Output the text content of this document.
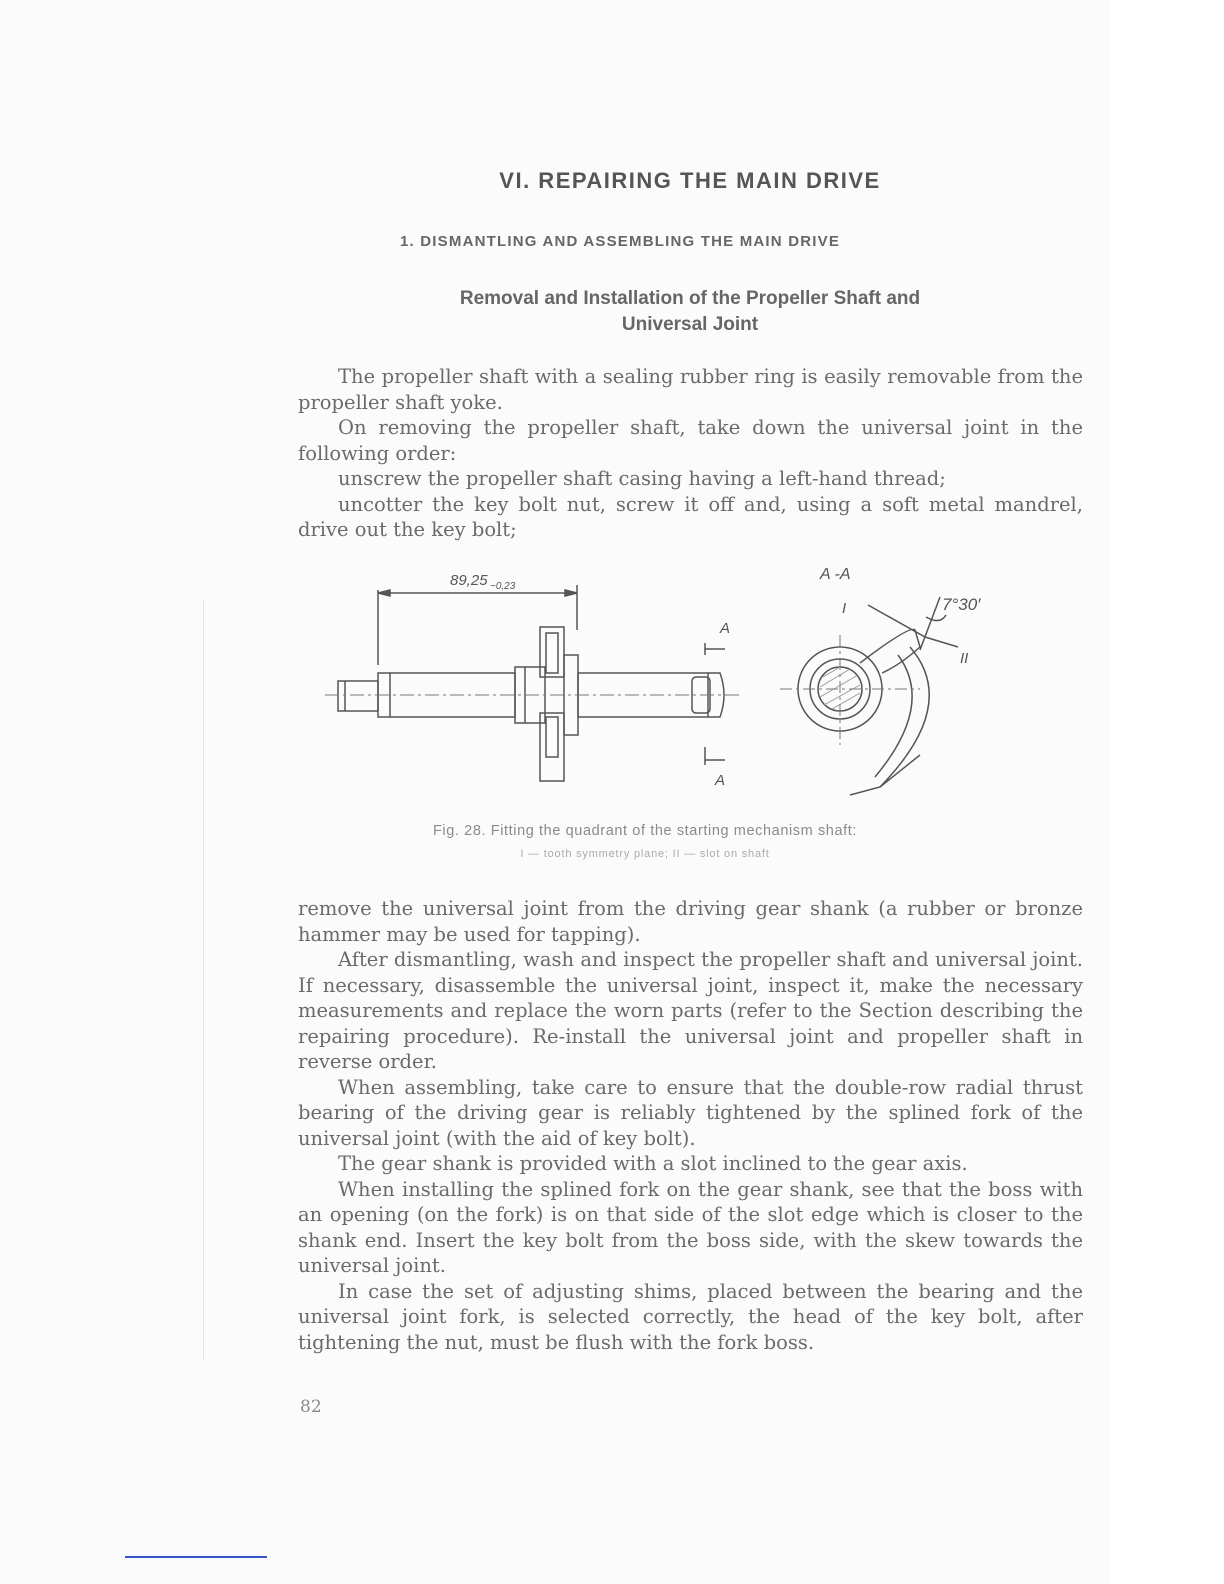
VI. REPAIRING THE MAIN DRIVE
1. DISMANTLING AND ASSEMBLING THE MAIN DRIVE
Removal and Installation of the Propeller Shaft and
Universal Joint

The propeller shaft with a sealing rubber ring is easily removable from the propeller shaft yoke.

On removing the propeller shaft, take down the universal joint in the following order:

unscrew the propeller shaft casing having a left-hand thread;

uncotter the key bolt nut, screw it off and, using a soft metal mandrel, drive out the key bolt;

89,25 −0,23
A
A
A -A
I
II
7°30′
Fig. 28. Fitting the quadrant of the starting mechanism shaft:
I — tooth symmetry plane; II — slot on shaft

remove the universal joint from the driving gear shank (a rubber or bronze hammer may be used for tapping).

After dismantling, wash and inspect the propeller shaft and universal joint. If necessary, disassemble the universal joint, inspect it, make the necessary measurements and replace the worn parts (refer to the Section describing the repairing procedure). Re-install the universal joint and propeller shaft in reverse order.

When assembling, take care to ensure that the double-row radial thrust bearing of the driving gear is reliably tightened by the splined fork of the universal joint (with the aid of key bolt).

The gear shank is provided with a slot inclined to the gear axis.

When installing the splined fork on the gear shank, see that the boss with an opening (on the fork) is on that side of the slot edge which is closer to the shank end. Insert the key bolt from the boss side, with the skew towards the universal joint.

In case the set of adjusting shims, placed between the bearing and the universal joint fork, is selected correctly, the head of the key bolt, after tightening the nut, must be flush with the fork boss.

82
